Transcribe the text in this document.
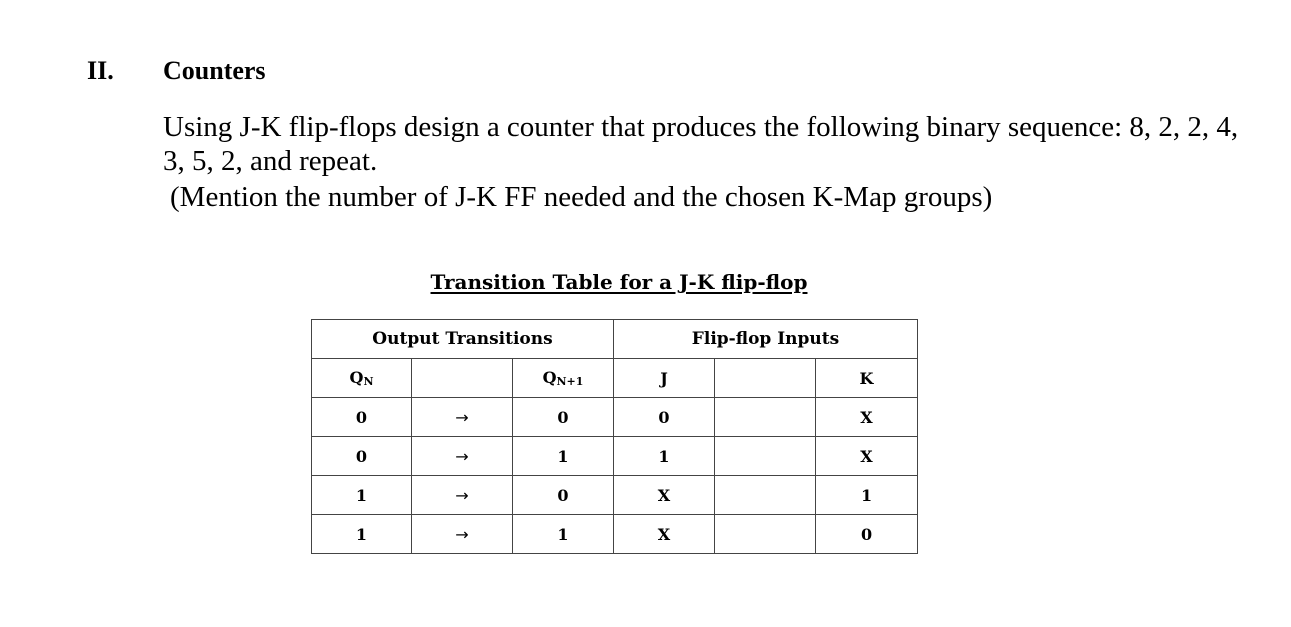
II. Counters

Using J-K flip-flops design a counter that produces the following binary sequence: 8, 2, 2, 4, 3, 5, 2, and repeat.

(Mention the number of J-K FF needed and the chosen K-Map groups)

Transition Table for a J-K flip-flop
Output Transitions			Flip-flop Inputs		
QN		QN+1	J		K
0	→	0	0		X
0	→	1	1		X
1	→	0	X		1
1	→	1	X		0
